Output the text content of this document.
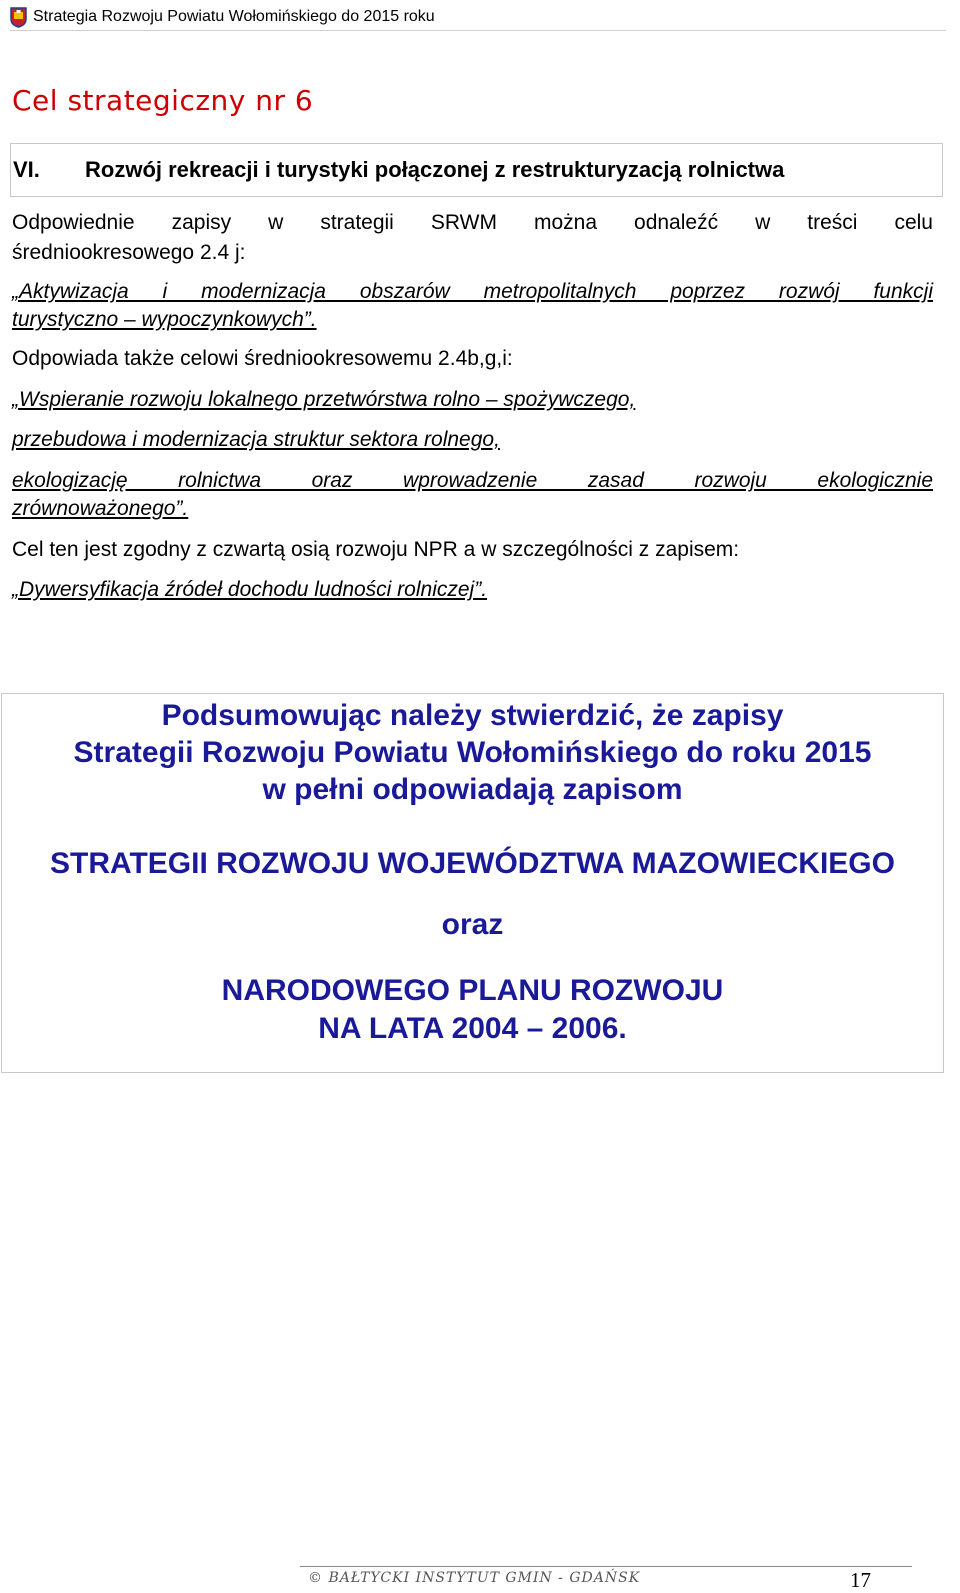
Strategia Rozwoju Powiatu Wołomińskiego do 2015 roku
Cel strategiczny nr 6
VI.	Rozwój rekreacji i turystyki połączonej z restrukturyzacją rolnictwa
Odpowiednie zapisy w strategii SRWM można odnaleźć w treści celu
średniookresowego 2.4 j:
„Aktywizacja i modernizacja obszarów metropolitalnych poprzez rozwój funkcji
turystyczno – wypoczynkowych”.
Odpowiada także celowi średniookresowemu 2.4b,g,i:
„Wspieranie rozwoju lokalnego przetwórstwa rolno – spożywczego,
przebudowa i modernizacja struktur sektora rolnego,
ekologizację rolnictwa oraz wprowadzenie zasad rozwoju ekologicznie
zrównoważonego”.
Cel ten jest zgodny z czwartą osią rozwoju NPR a w szczególności z zapisem:
„Dywersyfikacja źródeł dochodu ludności rolniczej”.
Podsumowując należy stwierdzić, że zapisy
Strategii Rozwoju Powiatu Wołomińskiego do roku 2015
w pełni odpowiadają zapisom
STRATEGII ROZWOJU WOJEWÓDZTWA MAZOWIECKIEGO
oraz
NARODOWEGO PLANU ROZWOJU
NA LATA 2004 – 2006.
© BAŁTYCKI INSTYTUT GMIN - GDAŃSK	17
